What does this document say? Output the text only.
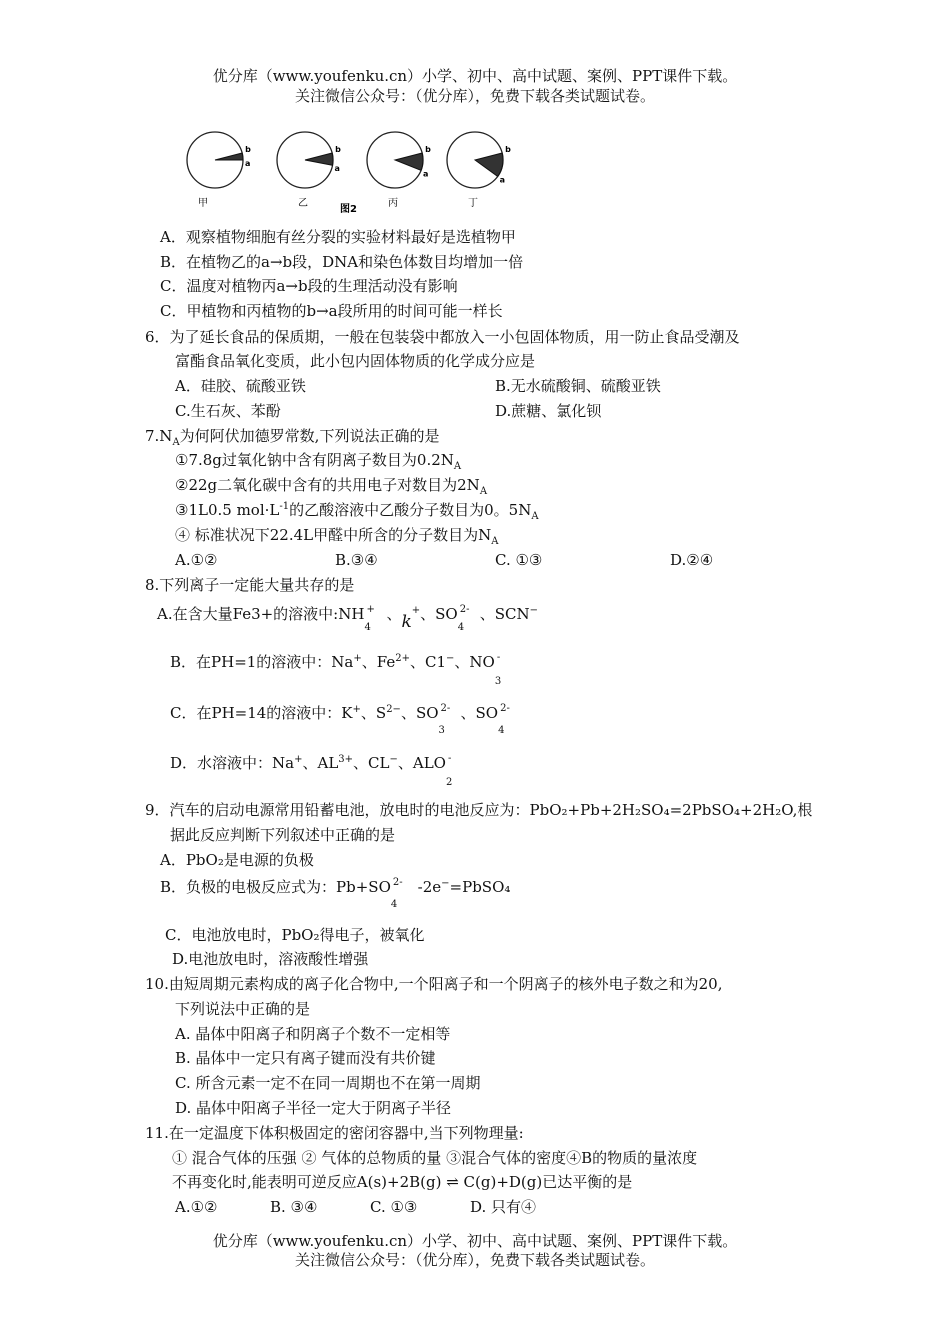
优分库（www.youfenku.cn）小学、初中、高中试题、案例、PPT课件下载。
关注微信公众号：（优分库），免费下载各类试题试卷。
b
a
甲
b
a
乙
b
a
丙
b
a
丁
图2
A．观察植物细胞有丝分裂的实验材料最好是选植物甲
B．在植物乙的a→b段，DNA和染色体数目均增加一倍
C．温度对植物丙a→b段的生理活动没有影响
C．甲植物和丙植物的b→a段所用的时间可能一样长
6．为了延长食品的保质期，一般在包装袋中都放入一小包固体物质，用一防止食品受潮及
富酯食品氧化变质，此小包内固体物质的化学成分应是
A．硅胶、硫酸亚铁	B.无水硫酸铜、硫酸亚铁
C.生石灰、苯酚	D.蔗糖、氯化钡
$7.N_A$为何阿伏加德罗常数,下列说法正确的是
①7.8g过氧化钠中含有阴离子数目为$0.2N_A$
②22g二氧化碳中含有的共用电子对数目为$2N_A$
③1L0.5 $mol\cdot L^{-1}$的乙酸溶液中乙酸分子数目为0。$5N_A$
④ 标准状况下22.4L甲醛中所含的分子数目为$N_A$
A.①②	B.③④	C. ①③	D.②④
8.下列离子一定能大量共存的是
A.在含大量Fe3+的溶液中:NH +
4
、k+、SO 2-
4
、SCN−
B．在PH=1的溶液中：Na+、$Fe^{2+}$、C1−、NO -
3
C．在PH=14的溶液中：K+、$S^{2-}$、SO 2-
3
、SO 2-
4
D．水溶液中：Na+、$AL^{3+}$、CL−、ALO -
2
9．汽车的启动电源常用铅蓄电池，放电时的电池反应为：PbO₂+Pb+2H₂SO₄=2PbSO₄+2H₂O,根
据此反应判断下列叙述中正确的是
A．PbO₂是电源的负极
B．负极的电极反应式为：Pb+SO 2-
4
-2e−=PbSO₄
C．电池放电时，PbO₂得电子，被氧化
D.电池放电时，溶液酸性增强
10.由短周期元素构成的离子化合物中,一个阳离子和一个阴离子的核外电子数之和为20,
下列说法中正确的是
A. 晶体中阳离子和阴离子个数不一定相等
B. 晶体中一定只有离子键而没有共价键
C. 所含元素一定不在同一周期也不在第一周期
D. 晶体中阳离子半径一定大于阴离子半径
11.在一定温度下体积极固定的密闭容器中,当下列物理量:
① 混合气体的压强 ② 气体的总物质的量 ③混合气体的密度④B的物质的量浓度
不再变化时,能表明可逆反应A(s)+2B(g) ⇌ C(g)+D(g)已达平衡的是
A.①②	B. ③④	C. ①③	D. 只有④
优分库（www.youfenku.cn）小学、初中、高中试题、案例、PPT课件下载。
关注微信公众号：（优分库），免费下载各类试题试卷。
